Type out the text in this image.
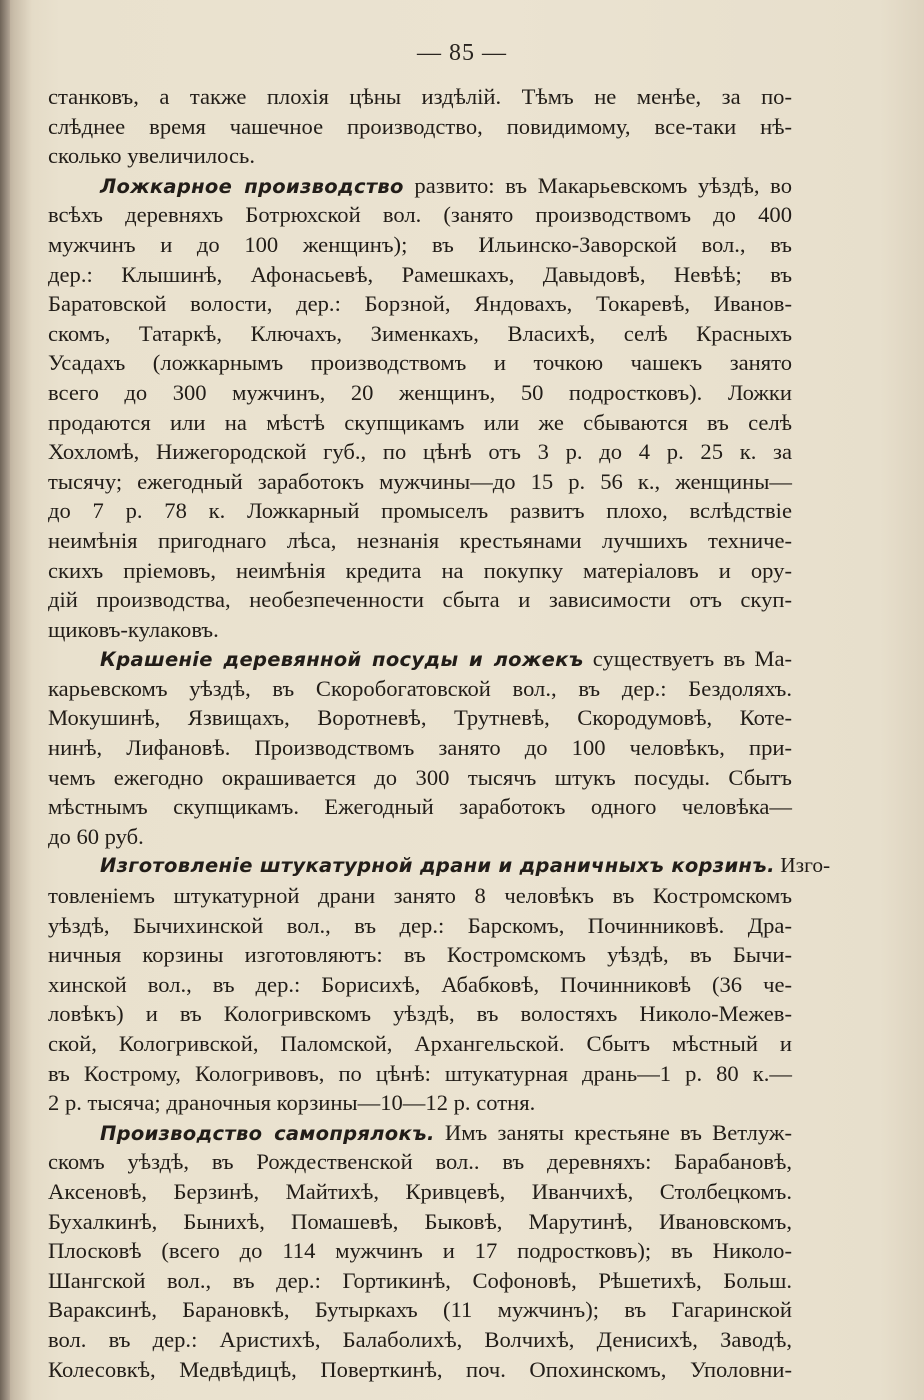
— 85 —
станковъ, а также плохія цѣны издѣлій. Тѣмъ не менѣе, за по-
слѣднее время чашечное производство, повидимому, все-таки нѣ-
сколько увеличилось.
Ложкарное производство развито: въ Макарьевскомъ уѣздѣ, во
всѣхъ деревняхъ Ботрюхской вол. (занято производствомъ до 400
мужчинъ и до 100 женщинъ); въ Ильинско-Заворской вол., въ
дер.: Клышинѣ, Афонасьевѣ, Рамешкахъ, Давыдовѣ, Невѣѣ; въ
Баратовской волости, дер.: Борзной, Яндовахъ, Токаревѣ, Иванов-
скомъ, Татаркѣ, Ключахъ, Зименкахъ, Власихѣ, селѣ Красныхъ
Усадахъ (ложкарнымъ производствомъ и точкою чашекъ занято
всего до 300 мужчинъ, 20 женщинъ, 50 подростковъ). Ложки
продаются или на мѣстѣ скупщикамъ или же сбываются въ селѣ
Хохломѣ, Нижегородской губ., по цѣнѣ отъ 3 р. до 4 р. 25 к. за
тысячу; ежегодный заработокъ мужчины—до 15 р. 56 к., женщины—
до 7 р. 78 к. Ложкарный промыселъ развитъ плохо, вслѣдствіе
неимѣнія пригоднаго лѣса, незнанія крестьянами лучшихъ техниче-
скихъ пріемовъ, неимѣнія кредита на покупку матеріаловъ и ору-
дій производства, необезпеченности сбыта и зависимости отъ скуп-
щиковъ-кулаковъ.
Крашеніе деревянной посуды и ложекъ существуетъ въ Ма-
карьевскомъ уѣздѣ, въ Скоробогатовской вол., въ дер.: Бездоляхъ.
Мокушинѣ, Язвищахъ, Воротневѣ, Трутневѣ, Скородумовѣ, Коте-
нинѣ, Лифановѣ. Производствомъ занято до 100 человѣкъ, при-
чемъ ежегодно окрашивается до 300 тысячъ штукъ посуды. Сбытъ
мѣстнымъ скупщикамъ. Ежегодный заработокъ одного человѣка—
до 60 руб.
Изготовленіе штукатурной драни и драничныхъ корзинъ. Изго-
товленіемъ штукатурной драни занято 8 человѣкъ въ Костромскомъ
уѣздѣ, Бычихинской вол., въ дер.: Барскомъ, Починниковѣ. Дра-
ничныя корзины изготовляютъ: въ Костромскомъ уѣздѣ, въ Бычи-
хинской вол., въ дер.: Борисихѣ, Абабковѣ, Починниковѣ (36 че-
ловѣкъ) и въ Кологривскомъ уѣздѣ, въ волостяхъ Николо-Межев-
ской, Кологривской, Паломской, Архангельской. Сбытъ мѣстный и
въ Кострому, Кологривовъ, по цѣнѣ: штукатурная дрань—1 р. 80 к.—
2 р. тысяча; драночныя корзины—10—12 р. сотня.
Производство самопрялокъ. Имъ заняты крестьяне въ Ветлуж-
скомъ уѣздѣ, въ Рождественской вол.. въ деревняхъ: Барабановѣ,
Аксеновѣ, Берзинѣ, Майтихѣ, Кривцевѣ, Иванчихѣ, Столбецкомъ.
Бухалкинѣ, Бынихѣ, Помашевѣ, Быковѣ, Марутинѣ, Ивановскомъ,
Плосковѣ (всего до 114 мужчинъ и 17 подростковъ); въ Николо-
Шангской вол., въ дер.: Гортикинѣ, Софоновѣ, Рѣшетихѣ, Больш.
Вараксинѣ, Барановкѣ, Бутыркахъ (11 мужчинъ); въ Гагаринской
вол. въ дер.: Аристихѣ, Балаболихѣ, Волчихѣ, Денисихѣ, Заводѣ,
Колесовкѣ, Медвѣдицѣ, Поверткинѣ, поч. Опохинскомъ, Уполовни-
